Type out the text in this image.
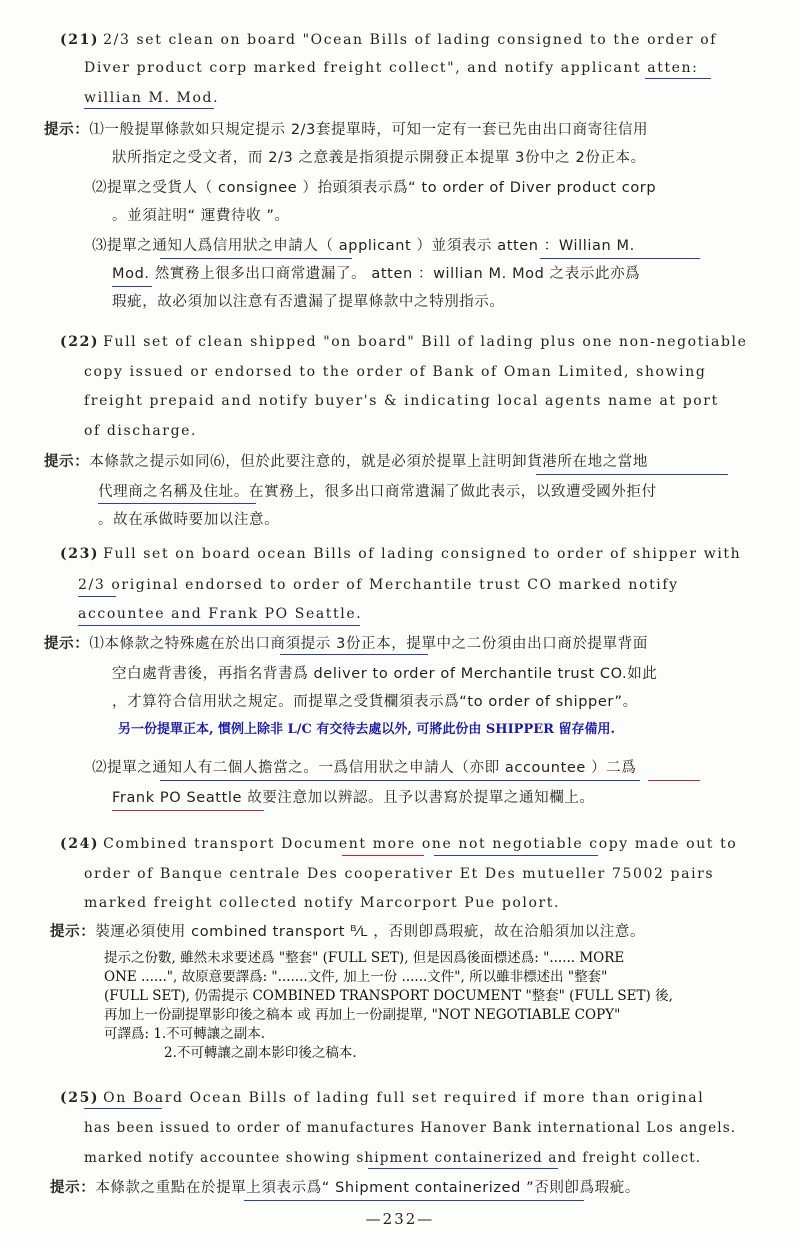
(21) 2/3 set clean on board "Ocean Bills of lading consigned to the order of
Diver product corp marked freight collect", and notify applicant atten:
willian M. Mod.
提示：⑴一般提單條款如只規定提示 2/3套提單時，可知一定有一套已先由出口商寄往信用
狀所指定之受文者，而 2/3 之意義是指須提示開發正本提單 3份中之 2份正本。
⑵提單之受貨人（ consignee ）抬頭須表示爲“ to order of Diver product corp
。並須註明“ 運費待收 ”。
⑶提單之通知人爲信用狀之申請人（ applicant ）並須表示 atten ：Willian M.
Mod. 然實務上很多出口商常遺漏了。 atten ：willian M. Mod 之表示此亦爲
瑕疵，故必須加以注意有否遺漏了提單條款中之特別指示。
(22) Full set of clean shipped "on board" Bill of lading plus one non-negotiable
copy issued or endorsed to the order of Bank of Oman Limited, showing
freight prepaid and notify buyer's & indicating local agents name at port
of discharge.
提示：本條款之提示如同⑹，但於此要注意的，就是必須於提單上註明卸貨港所在地之當地
代理商之名稱及住址。在實務上，很多出口商常遺漏了做此表示，以致遭受國外拒付
。故在承做時要加以注意。
(23) Full set on board ocean Bills of lading consigned to order of shipper with
2/3 original endorsed to order of Merchantile trust CO marked notify
accountee and Frank PO Seattle.
提示：⑴本條款之特殊處在於出口商須提示 3份正本，提單中之二份須由出口商於提單背面
空白處背書後，再指名背書爲 deliver to order of Merchantile trust CO.如此
，才算符合信用狀之規定。而提單之受貨欄須表示爲“to order of shipper”。
另一份提單正本, 慣例上除非 L/C 有交待去處以外, 可將此份由 SHIPPER 留存備用.
⑵提單之通知人有二個人擔當之。一爲信用狀之申請人（亦即 accountee ）二爲
Frank PO Seattle 故要注意加以辨認。且予以書寫於提單之通知欄上。
(24) Combined transport Document more one not negotiable copy made out to
order of Banque centrale Des cooperativer Et Des mutueller 75002 pairs
marked freight collected notify Marcorport Pue polort.
提示：裝運必須使用 combined transport ᴮ⁄ʟ ，否則卽爲瑕疵，故在洽船須加以注意。
提示之份數, 雖然未求要述爲 "整套" (FULL SET), 但是因爲後面標述爲: "...... MORE
ONE ......", 故原意要譯爲: ".......文件, 加上一份 ......文件", 所以雖非標述出 "整套"
(FULL SET), 仍需提示 COMBINED TRANSPORT DOCUMENT "整套" (FULL SET) 後,
再加上一份副提單影印後之稿本 或 再加上一份副提單, "NOT NEGOTIABLE COPY"
可譯爲: 1.不可轉讓之副本.
2.不可轉讓之副本影印後之稿本.
(25) On Board Ocean Bills of lading full set required if more than original
has been issued to order of manufactures Hanover Bank international Los angels.
marked notify accountee showing shipment containerized and freight collect.
提示：本條款之重點在於提單上須表示爲“ Shipment containerized ”否則卽爲瑕疵。
—232—
